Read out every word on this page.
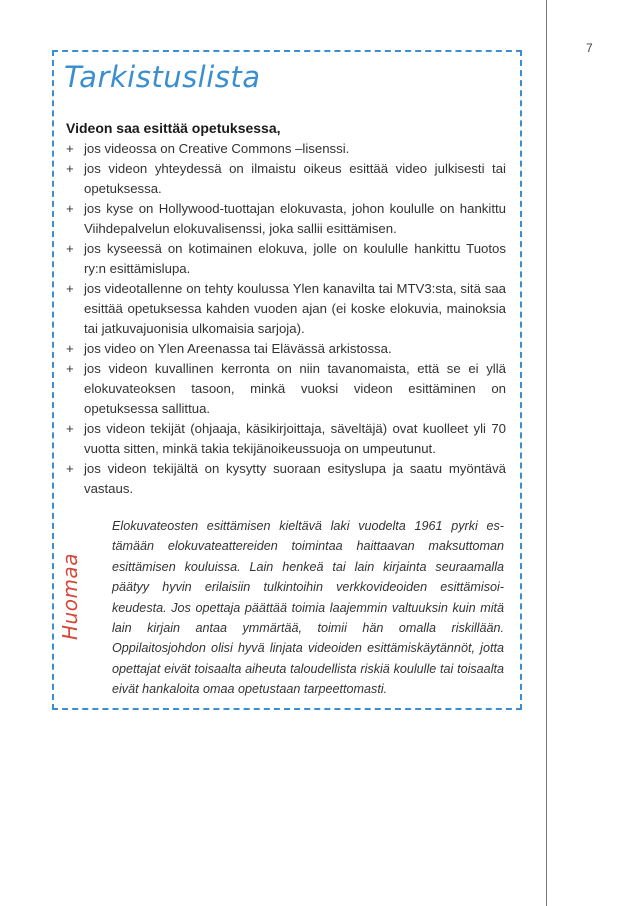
7
Tarkistuslista
Videon saa esittää opetuksessa,
+ jos videossa on Creative Commons –lisenssi.
+ jos videon yhteydessä on ilmaistu oikeus esittää video julkisesti tai opetuksessa.
+ jos kyse on Hollywood-tuottajan elokuvasta, johon koululle on hankittu Viihdepalvelun elokuvalisenssi, joka sallii esittämisen.
+ jos kyseessä on kotimainen elokuva, jolle on koululle hankittu Tuotos ry:n esittämislupa.
+ jos videotallenne on tehty koulussa Ylen kanavilta tai MTV3:sta, sitä saa esittää opetuksessa kahden vuoden ajan (ei koske elokuvia, mainoksia tai jatkuvajuonisia ulkomaisia sarjoja).
+ jos video on Ylen Areenassa tai Elävässä arkistossa.
+ jos videon kuvallinen kerronta on niin tavanomaista, että se ei yllä elokuvateoksen tasoon, minkä vuoksi videon esittäminen on opetuksessa sallittua.
+ jos videon tekijät (ohjaaja, käsikirjoittaja, säveltäjä) ovat kuolleet yli 70 vuotta sitten, minkä takia tekijänoikeussuoja on umpeutunut.
+ jos videon tekijältä on kysytty suoraan esityslupa ja saatu myöntävä vastaus.
Huomaa
Elokuvateosten esittämisen kieltävä laki vuodelta 1961 pyrki estämään elokuvateattereiden toimintaa haittaavan maksuttoman esittämisen kouluissa. Lain henkeä tai lain kirjainta seuraamalla päätyy hyvin erilaisiin tulkintoihin verkkovideoiden esittämisoikeudesta. Jos opettaja päättää toimia laajemmin valtuuksin kuin mitä lain kirjain antaa ymmärtää, toimii hän omalla riskillään. Oppilaitosjohdon olisi hyvä linjata videoiden esittämiskäytännöt, jotta opettajat eivät toisaalta aiheuta taloudellista riskiä koululle tai toisaalta eivät hankaloita omaa opetustaan tarpeettomasti.
